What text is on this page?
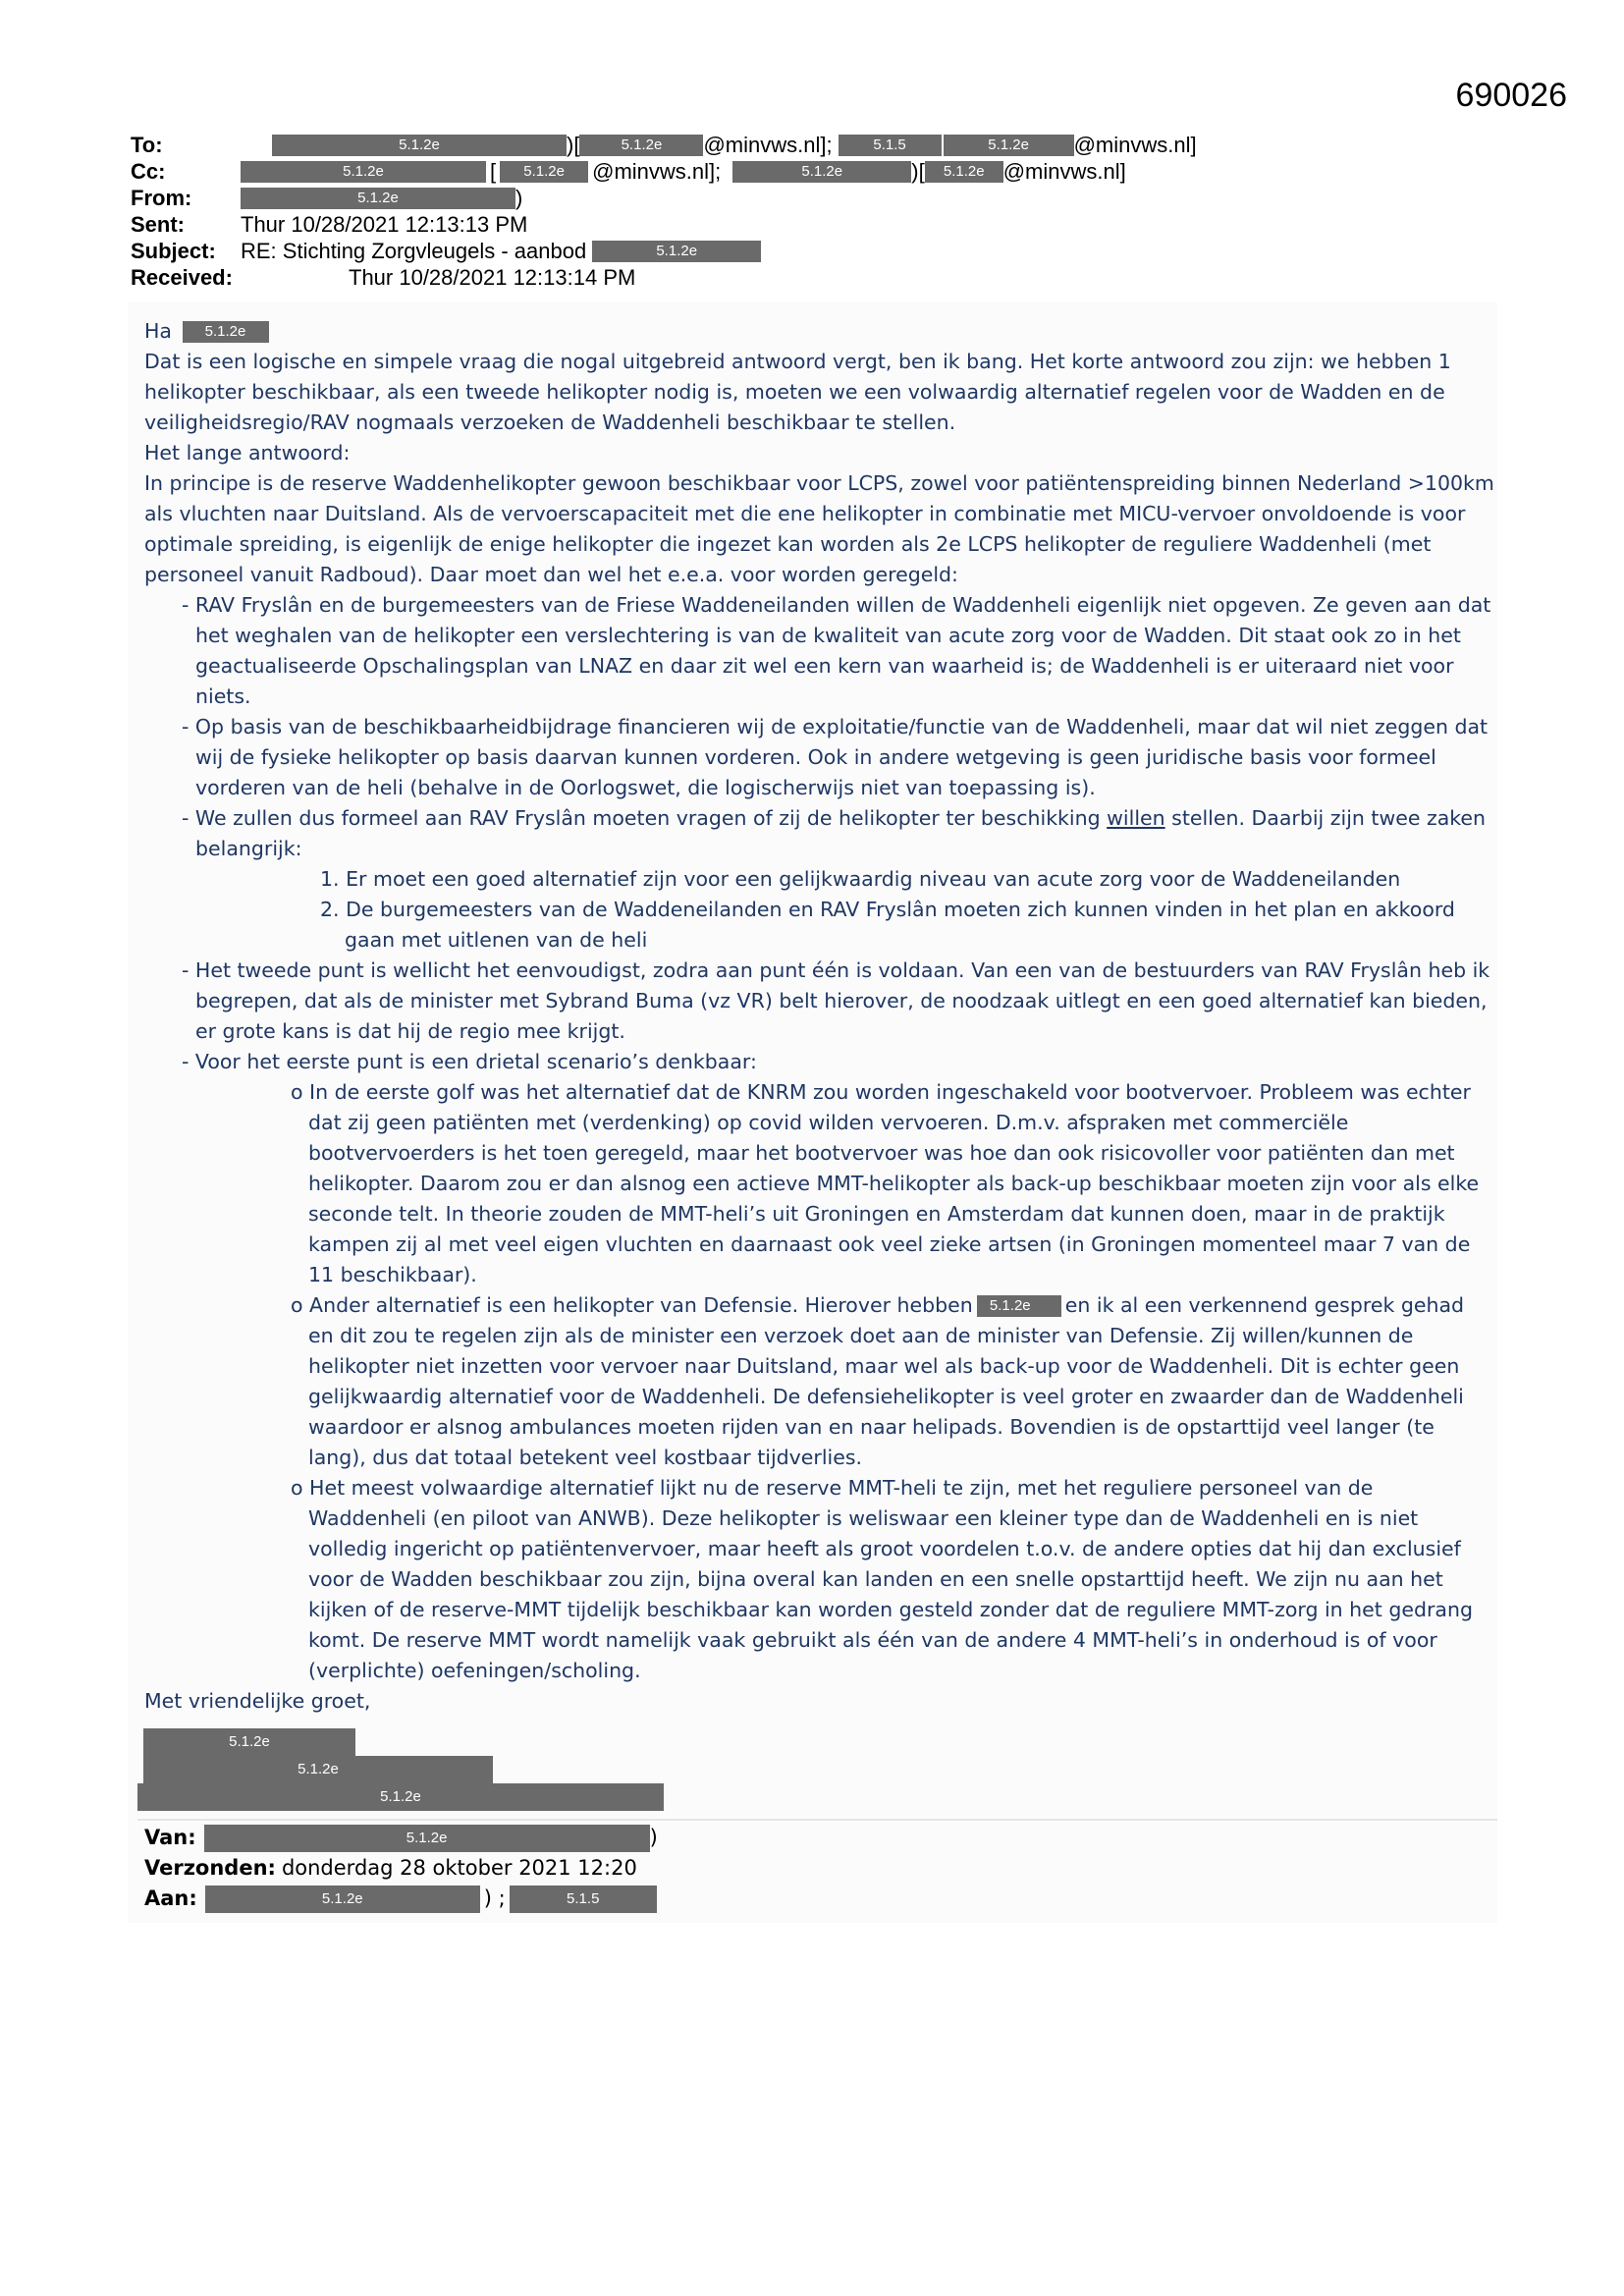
690026
To:	5.1.2e	)[	5.1.2e	@minvws.nl];	5.1.5	5.1.2e	@minvws.nl]
Cc:	5.1.2e	[	5.1.2e	@minvws.nl];	5.1.2e	)[	5.1.2e @minvws.nl]
From:	5.1.2e	)
Sent:	Thur 10/28/2021 12:13:13 PM
Subject:	RE: Stichting Zorgvleugels - aanbod	5.1.2e
Received:	Thur 10/28/2021 12:13:14 PM

Ha 5.1.2e

Dat is een logische en simpele vraag die nogal uitgebreid antwoord vergt, ben ik bang. Het korte antwoord zou zijn: we hebben 1 helikopter beschikbaar, als een tweede helikopter nodig is, moeten we een volwaardig alternatief regelen voor de Wadden en de veiligheidsregio/RAV nogmaals verzoeken de Waddenheli beschikbaar te stellen.

Het lange antwoord:

In principe is de reserve Waddenhelikopter gewoon beschikbaar voor LCPS, zowel voor patiëntenspreiding binnen Nederland >100km als vluchten naar Duitsland. Als de vervoerscapaciteit met die ene helikopter in combinatie met MICU-vervoer onvoldoende is voor optimale spreiding, is eigenlijk de enige helikopter die ingezet kan worden als 2e LCPS helikopter de reguliere Waddenheli (met personeel vanuit Radboud). Daar moet dan wel het e.e.a. voor worden geregeld:

- RAV Fryslân en de burgemeesters van de Friese Waddeneilanden willen de Waddenheli eigenlijk niet opgeven. Ze geven aan dat het weghalen van de helikopter een verslechtering is van de kwaliteit van acute zorg voor de Wadden. Dit staat ook zo in het geactualiseerde Opschalingsplan van LNAZ en daar zit wel een kern van waarheid is; de Waddenheli is er uiteraard niet voor niets.

- Op basis van de beschikbaarheidbijdrage financieren wij de exploitatie/functie van de Waddenheli, maar dat wil niet zeggen dat wij de fysieke helikopter op basis daarvan kunnen vorderen. Ook in andere wetgeving is geen juridische basis voor formeel vorderen van de heli (behalve in de Oorlogswet, die logischerwijs niet van toepassing is).

- We zullen dus formeel aan RAV Fryslân moeten vragen of zij de helikopter ter beschikking willen stellen. Daarbij zijn twee zaken belangrijk:

1. Er moet een goed alternatief zijn voor een gelijkwaardig niveau van acute zorg voor de Waddeneilanden

2. De burgemeesters van de Waddeneilanden en RAV Fryslân moeten zich kunnen vinden in het plan en akkoord gaan met uitlenen van de heli

- Het tweede punt is wellicht het eenvoudigst, zodra aan punt één is voldaan. Van een van de bestuurders van RAV Fryslân heb ik begrepen, dat als de minister met Sybrand Buma (vz VR) belt hierover, de noodzaak uitlegt en een goed alternatief kan bieden, er grote kans is dat hij de regio mee krijgt.

- Voor het eerste punt is een drietal scenario’s denkbaar:

o In de eerste golf was het alternatief dat de KNRM zou worden ingeschakeld voor bootvervoer. Probleem was echter dat zij geen patiënten met (verdenking) op covid wilden vervoeren. D.m.v. afspraken met commerciële bootvervoerders is het toen geregeld, maar het bootvervoer was hoe dan ook risicovoller voor patiënten dan met helikopter. Daarom zou er dan alsnog een actieve MMT-helikopter als back-up beschikbaar moeten zijn voor als elke seconde telt. In theorie zouden de MMT-heli’s uit Groningen en Amsterdam dat kunnen doen, maar in de praktijk kampen zij al met veel eigen vluchten en daarnaast ook veel zieke artsen (in Groningen momenteel maar 7 van de 11 beschikbaar).

o Ander alternatief is een helikopter van Defensie. Hierover hebben 5.1.2e en ik al een verkennend gesprek gehad en dit zou te regelen zijn als de minister een verzoek doet aan de minister van Defensie. Zij willen/kunnen de helikopter niet inzetten voor vervoer naar Duitsland, maar wel als back-up voor de Waddenheli. Dit is echter geen gelijkwaardig alternatief voor de Waddenheli. De defensiehelikopter is veel groter en zwaarder dan de Waddenheli waardoor er alsnog ambulances moeten rijden van en naar helipads. Bovendien is de opstarttijd veel langer (te lang), dus dat totaal betekent veel kostbaar tijdverlies.

o Het meest volwaardige alternatief lijkt nu de reserve MMT-heli te zijn, met het reguliere personeel van de Waddenheli (en piloot van ANWB). Deze helikopter is weliswaar een kleiner type dan de Waddenheli en is niet volledig ingericht op patiëntenvervoer, maar heeft als groot voordelen t.o.v. de andere opties dat hij dan exclusief voor de Wadden beschikbaar zou zijn, bijna overal kan landen en een snelle opstarttijd heeft. We zijn nu aan het kijken of de reserve-MMT tijdelijk beschikbaar kan worden gesteld zonder dat de reguliere MMT-zorg in het gedrang komt. De reserve MMT wordt namelijk vaak gebruikt als één van de andere 4 MMT-heli’s in onderhoud is of voor (verplichte) oefeningen/scholing.

Met vriendelijke groet,

5.1.2e
5.1.2e
5.1.2e
Van:	5.1.2e	)
Verzonden: donderdag 28 oktober 2021 12:20
Aan:	5.1.2e	) ;	5.1.5
